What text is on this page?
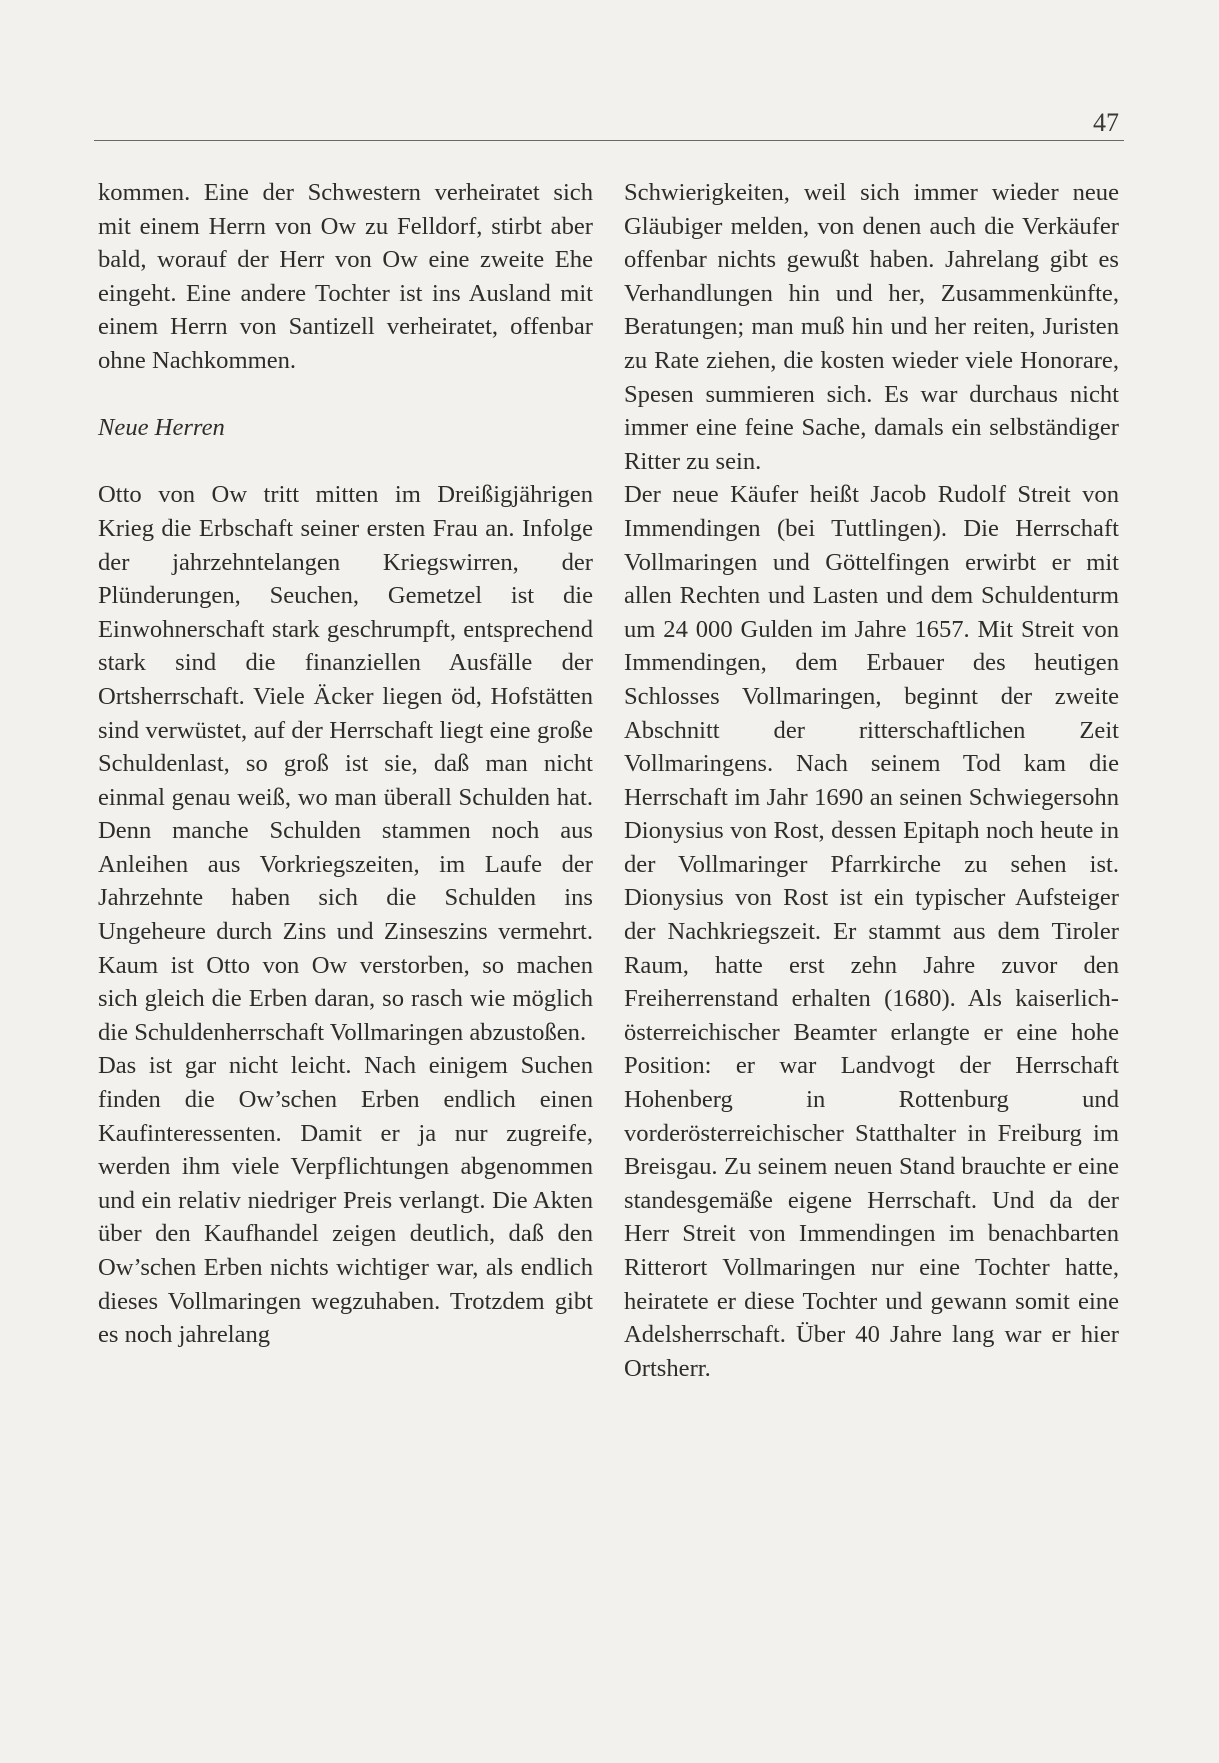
47

kommen. Eine der Schwestern verheiratet sich mit einem Herrn von Ow zu Felldorf, stirbt aber bald, worauf der Herr von Ow eine zweite Ehe eingeht. Eine andere Tochter ist ins Ausland mit einem Herrn von Santizell verheiratet, offenbar ohne Nachkommen.

Neue Herren

Otto von Ow tritt mitten im Dreißigjährigen Krieg die Erbschaft seiner ersten Frau an. Infolge der jahrzehntelangen Kriegswirren, der Plünderungen, Seuchen, Gemetzel ist die Einwohnerschaft stark geschrumpft, entsprechend stark sind die finanziellen Ausfälle der Ortsherrschaft. Viele Äcker liegen öd, Hofstätten sind verwüstet, auf der Herrschaft liegt eine große Schuldenlast, so groß ist sie, daß man nicht einmal genau weiß, wo man überall Schulden hat. Denn manche Schulden stammen noch aus Anleihen aus Vorkriegszeiten, im Laufe der Jahrzehnte haben sich die Schulden ins Ungeheure durch Zins und Zinseszins vermehrt. Kaum ist Otto von Ow verstorben, so machen sich gleich die Erben daran, so rasch wie möglich die Schuldenherrschaft Vollmaringen abzustoßen.

Das ist gar nicht leicht. Nach einigem Suchen finden die Ow’schen Erben endlich einen Kaufinteressenten. Damit er ja nur zugreife, werden ihm viele Verpflichtungen abgenommen und ein relativ niedriger Preis verlangt. Die Akten über den Kaufhandel zeigen deutlich, daß den Ow’schen Erben nichts wichtiger war, als endlich dieses Vollmaringen wegzuhaben. Trotzdem gibt es noch jahrelang

Schwierigkeiten, weil sich immer wieder neue Gläubiger melden, von denen auch die Verkäufer offenbar nichts gewußt haben. Jahrelang gibt es Verhandlungen hin und her, Zusammenkünfte, Beratungen; man muß hin und her reiten, Juristen zu Rate ziehen, die kosten wieder viele Honorare, Spesen summieren sich. Es war durchaus nicht immer eine feine Sache, damals ein selbständiger Ritter zu sein.

Der neue Käufer heißt Jacob Rudolf Streit von Immendingen (bei Tuttlingen). Die Herrschaft Vollmaringen und Göttelfingen erwirbt er mit allen Rechten und Lasten und dem Schuldenturm um 24 000 Gulden im Jahre 1657. Mit Streit von Immendingen, dem Erbauer des heutigen Schlosses Vollmaringen, beginnt der zweite Abschnitt der ritterschaftlichen Zeit Vollmaringens. Nach seinem Tod kam die Herrschaft im Jahr 1690 an seinen Schwiegersohn Dionysius von Rost, dessen Epitaph noch heute in der Vollmaringer Pfarrkirche zu sehen ist. Dionysius von Rost ist ein typischer Aufsteiger der Nachkriegszeit. Er stammt aus dem Tiroler Raum, hatte erst zehn Jahre zuvor den Freiherrenstand erhalten (1680). Als kaiserlich-österreichischer Beamter erlangte er eine hohe Position: er war Landvogt der Herrschaft Hohenberg in Rottenburg und vorderösterreichischer Statthalter in Freiburg im Breisgau. Zu seinem neuen Stand brauchte er eine standesgemäße eigene Herrschaft. Und da der Herr Streit von Immendingen im benachbarten Ritterort Vollmaringen nur eine Tochter hatte, heiratete er diese Tochter und gewann somit eine Adelsherrschaft. Über 40 Jahre lang war er hier Ortsherr.
